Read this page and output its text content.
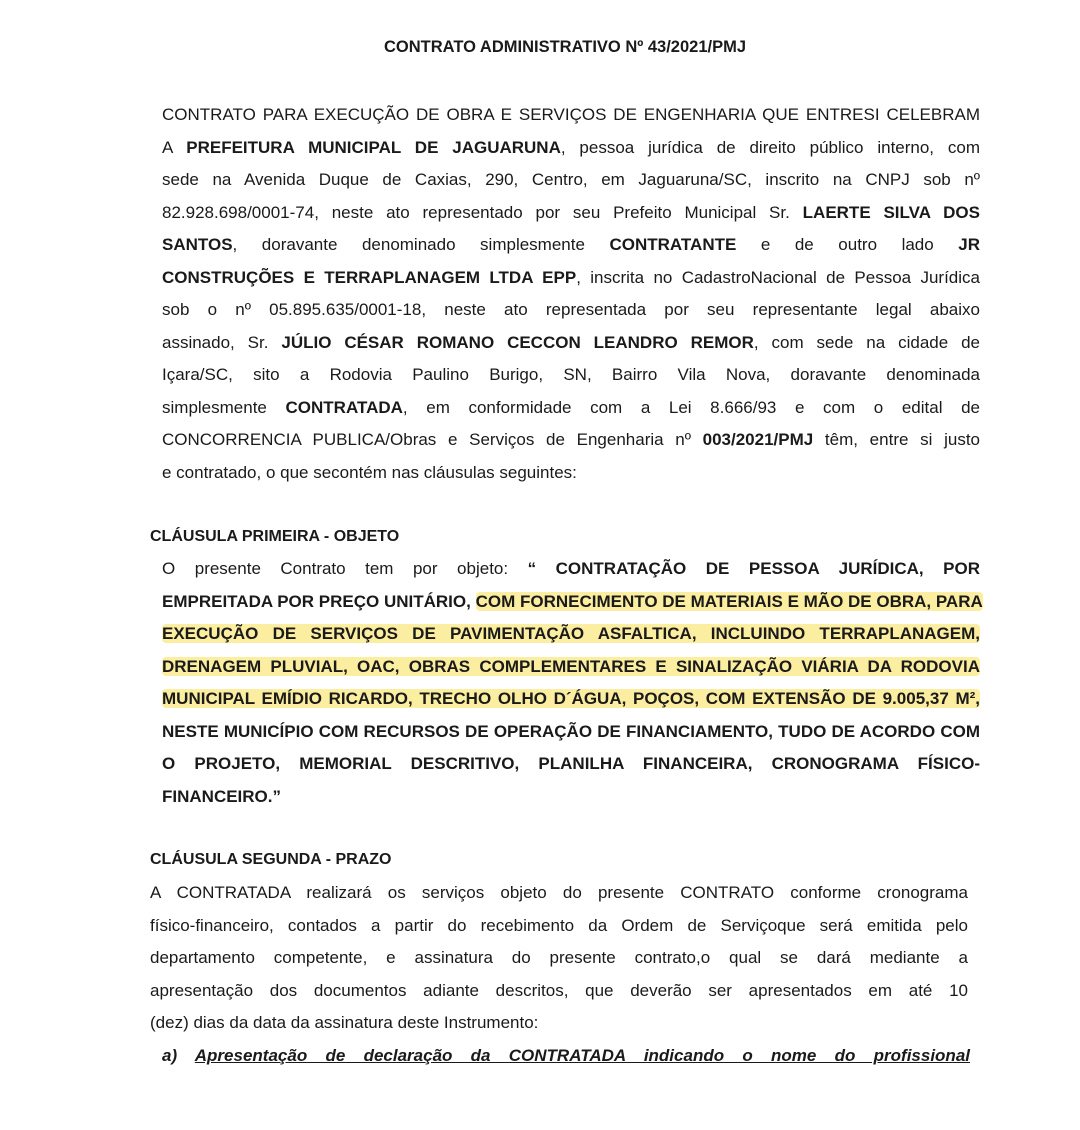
CONTRATO ADMINISTRATIVO Nº 43/2021/PMJ
CONTRATO PARA EXECUÇÃO DE OBRA E SERVIÇOS DE ENGENHARIA QUE ENTRESI CELEBRAM
A PREFEITURA MUNICIPAL DE JAGUARUNA, pessoa jurídica de direito público interno, com
sede na Avenida Duque de Caxias, 290, Centro, em Jaguaruna/SC, inscrito na CNPJ sob nº
82.928.698/0001-74, neste ato representado por seu Prefeito Municipal Sr. LAERTE SILVA DOS
SANTOS, doravante denominado simplesmente CONTRATANTE e de outro lado JR
CONSTRUÇÕES E TERRAPLANAGEM LTDA EPP, inscrita no CadastroNacional de Pessoa Jurídica
sob o nº 05.895.635/0001-18, neste ato representada por seu representante legal abaixo
assinado, Sr. JÚLIO CÉSAR ROMANO CECCON LEANDRO REMOR, com sede na cidade de
Içara/SC, sito a Rodovia Paulino Burigo, SN, Bairro Vila Nova, doravante denominada
simplesmente CONTRATADA, em conformidade com a Lei 8.666/93 e com o edital de
CONCORRENCIA PUBLICA/Obras e Serviços de Engenharia nº 003/2021/PMJ têm, entre si justo
e contratado, o que secontém nas cláusulas seguintes:
CLÁUSULA PRIMEIRA - OBJETO
O presente Contrato tem por objeto: “ CONTRATAÇÃO DE PESSOA JURÍDICA, POR
EMPREITADA POR PREÇO UNITÁRIO, COM FORNECIMENTO DE MATERIAIS E MÃO DE OBRA, PARA
EXECUÇÃO DE SERVIÇOS DE PAVIMENTAÇÃO ASFALTICA, INCLUINDO TERRAPLANAGEM,
DRENAGEM PLUVIAL, OAC, OBRAS COMPLEMENTARES E SINALIZAÇÃO VIÁRIA DA RODOVIA
MUNICIPAL EMÍDIO RICARDO, TRECHO OLHO D´ÁGUA, POÇOS, COM EXTENSÃO DE 9.005,37 M²,
NESTE MUNICÍPIO COM RECURSOS DE OPERAÇÃO DE FINANCIAMENTO, TUDO DE ACORDO COM
O PROJETO, MEMORIAL DESCRITIVO, PLANILHA FINANCEIRA, CRONOGRAMA FÍSICO-
FINANCEIRO.”
CLÁUSULA SEGUNDA - PRAZO
A CONTRATADA realizará os serviços objeto do presente CONTRATO conforme cronograma
físico-financeiro, contados a partir do recebimento da Ordem de Serviçoque será emitida pelo
departamento competente, e assinatura do presente contrato,o qual se dará mediante a
apresentação dos documentos adiante descritos, que deverão ser apresentados em até 10
(dez) dias da data da assinatura deste Instrumento:
a) Apresentação de declaração da CONTRATADA indicando o nome do profissional
